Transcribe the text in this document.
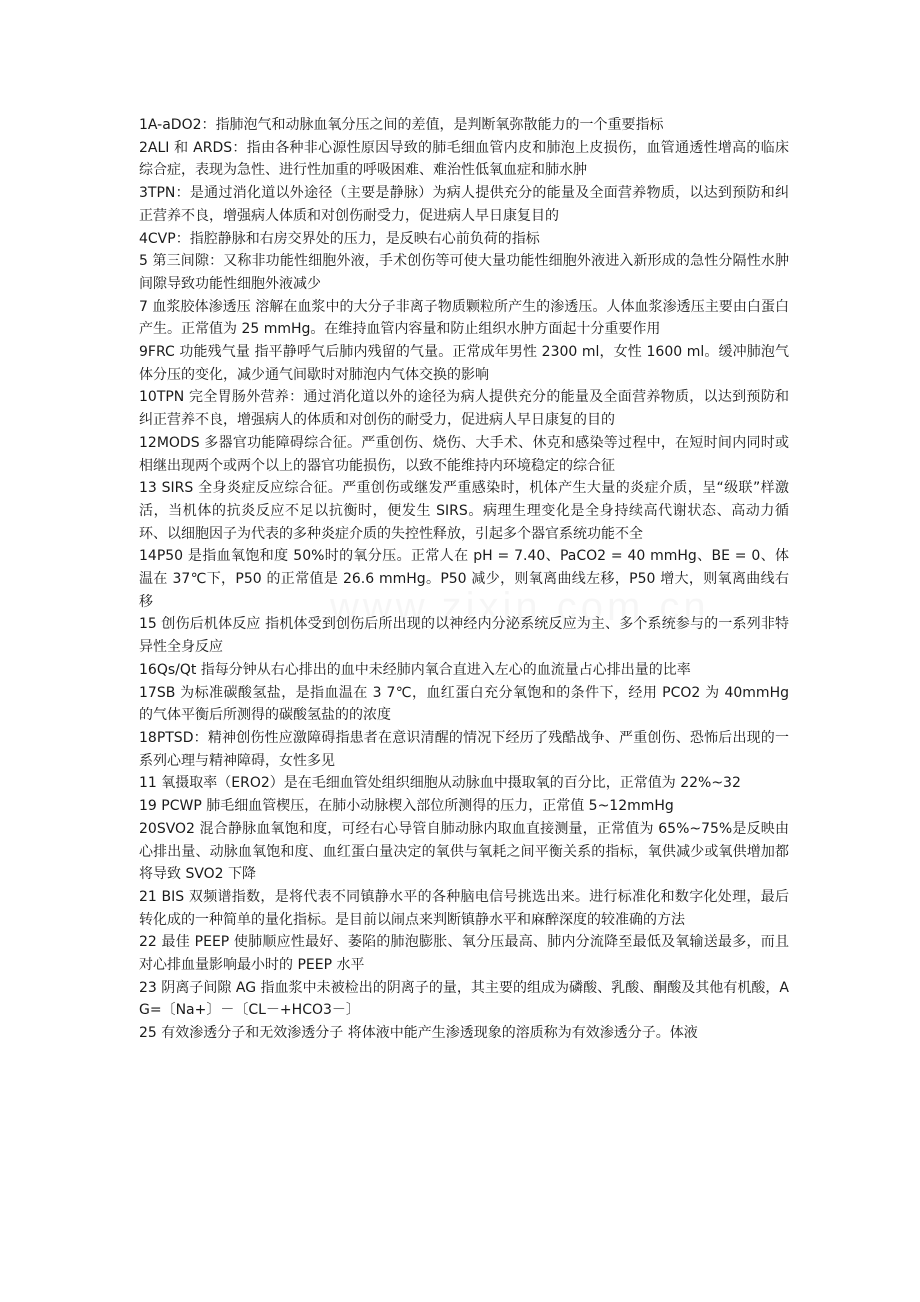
1A-aDO2：指肺泡气和动脉血氧分压之间的差值，是判断氧弥散能力的一个重要指标

2ALI 和 ARDS：指由各种非心源性原因导致的肺毛细血管内皮和肺泡上皮损伤，血管通透性增高的临床综合症，表现为急性、进行性加重的呼吸困难、难治性低氧血症和肺水肿

3TPN：是通过消化道以外途径（主要是静脉）为病人提供充分的能量及全面营养物质，以达到预防和纠正营养不良，增强病人体质和对创伤耐受力，促进病人早日康复目的

4CVP：指腔静脉和右房交界处的压力，是反映右心前负荷的指标

5 第三间隙：又称非功能性细胞外液，手术创伤等可使大量功能性细胞外液进入新形成的急性分隔性水肿间隙导致功能性细胞外液减少

7 血浆胶体渗透压 溶解在血浆中的大分子非离子物质颗粒所产生的渗透压。人体血浆渗透压主要由白蛋白产生。正常值为 25 mmHg。在维持血管内容量和防止组织水肿方面起十分重要作用

9FRC 功能残气量 指平静呼气后肺内残留的气量。正常成年男性 2300 ml，女性 1600 ml。缓冲肺泡气体分压的变化，减少通气间歇时对肺泡内气体交换的影响

10TPN 完全胃肠外营养：通过消化道以外的途径为病人提供充分的能量及全面营养物质，以达到预防和纠正营养不良，增强病人的体质和对创伤的耐受力，促进病人早日康复的目的

12MODS 多器官功能障碍综合征。严重创伤、烧伤、大手术、休克和感染等过程中，在短时间内同时或相继出现两个或两个以上的器官功能损伤，以致不能维持内环境稳定的综合征

13 SIRS 全身炎症反应综合征。严重创伤或继发严重感染时，机体产生大量的炎症介质，呈“级联”样激活，当机体的抗炎反应不足以抗衡时，便发生 SIRS。病理生理变化是全身持续高代谢状态、高动力循环、以细胞因子为代表的多种炎症介质的失控性释放，引起多个器官系统功能不全

14P50 是指血氧饱和度 50%时的氧分压。正常人在 pH = 7.40、PaCO2 = 40 mmHg、BE = 0、体温在 37℃下，P50 的正常值是 26.6 mmHg。P50 减少，则氧离曲线左移，P50 增大，则氧离曲线右移

15 创伤后机体反应 指机体受到创伤后所出现的以神经内分泌系统反应为主、多个系统参与的一系列非特异性全身反应

16Qs/Qt 指每分钟从右心排出的血中未经肺内氧合直进入左心的血流量占心排出量的比率

17SB 为标准碳酸氢盐，是指血温在 3 7℃，血红蛋白充分氧饱和的条件下，经用 PCO2 为 40mmHg 的气体平衡后所测得的碳酸氢盐的的浓度

18PTSD：精神创伤性应激障碍指患者在意识清醒的情况下经历了残酷战争、严重创伤、恐怖后出现的一系列心理与精神障碍，女性多见

11 氧摄取率（ERO2）是在毛细血管处组织细胞从动脉血中摄取氧的百分比，正常值为 22%~32

19 PCWP 肺毛细血管楔压，在肺小动脉楔入部位所测得的压力，正常值 5~12mmHg

20SVO2 混合静脉血氧饱和度，可经右心导管自肺动脉内取血直接测量，正常值为 65%~75%是反映由心排出量、动脉血氧饱和度、血红蛋白量决定的氧供与氧耗之间平衡关系的指标，氧供减少或氧供增加都将导致 SVO2 下降

21 BIS 双频谱指数，是将代表不同镇静水平的各种脑电信号挑选出来。进行标准化和数字化处理，最后转化成的一种简单的量化指标。是目前以闹点来判断镇静水平和麻醉深度的较准确的方法

22 最佳 PEEP 使肺顺应性最好、萎陷的肺泡膨胀、氧分压最高、肺内分流降至最低及氧输送最多，而且对心排血量影响最小时的 PEEP 水平

23 阴离子间隙 AG 指血浆中未被检出的阴离子的量，其主要的组成为磷酸、乳酸、酮酸及其他有机酸，AG=〔Na+〕－〔CL－+HCO3－〕

25 有效渗透分子和无效渗透分子 将体液中能产生渗透现象的溶质称为有效渗透分子。体液
